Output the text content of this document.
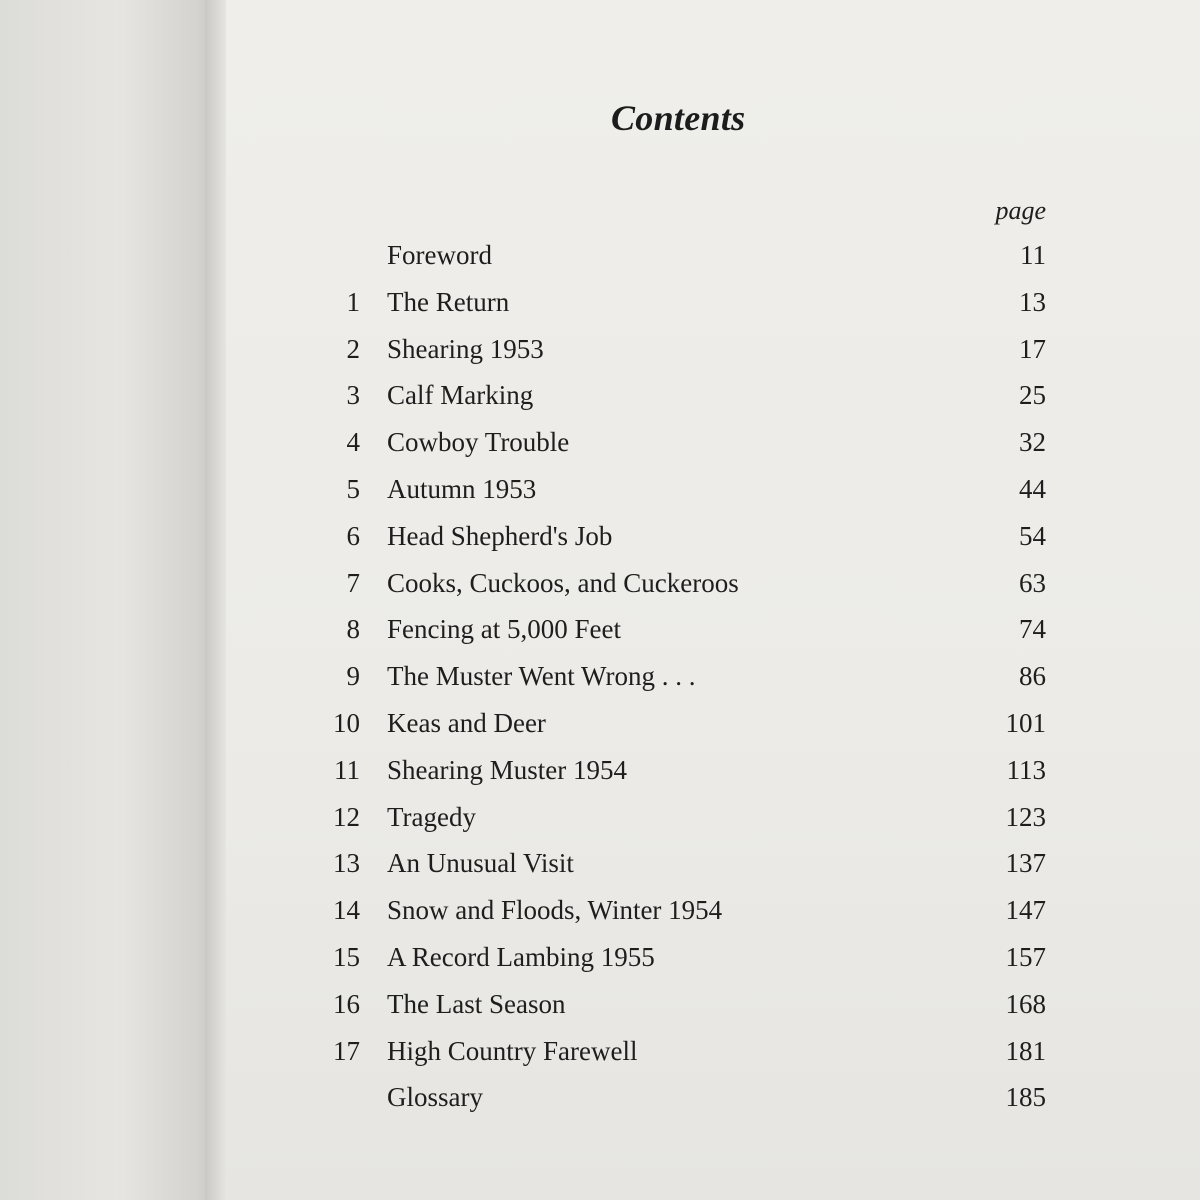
Contents
page
Foreword	11
1 The Return	13
2 Shearing 1953	17
3 Calf Marking	25
4 Cowboy Trouble	32
5 Autumn 1953	44
6 Head Shepherd's Job	54
7 Cooks, Cuckoos, and Cuckeroos	63
8 Fencing at 5,000 Feet	74
9 The Muster Went Wrong . . .	86
10 Keas and Deer	101
11 Shearing Muster 1954	113
12 Tragedy	123
13 An Unusual Visit	137
14 Snow and Floods, Winter 1954	147
15 A Record Lambing 1955	157
16 The Last Season	168
17 High Country Farewell	181
Glossary	185
